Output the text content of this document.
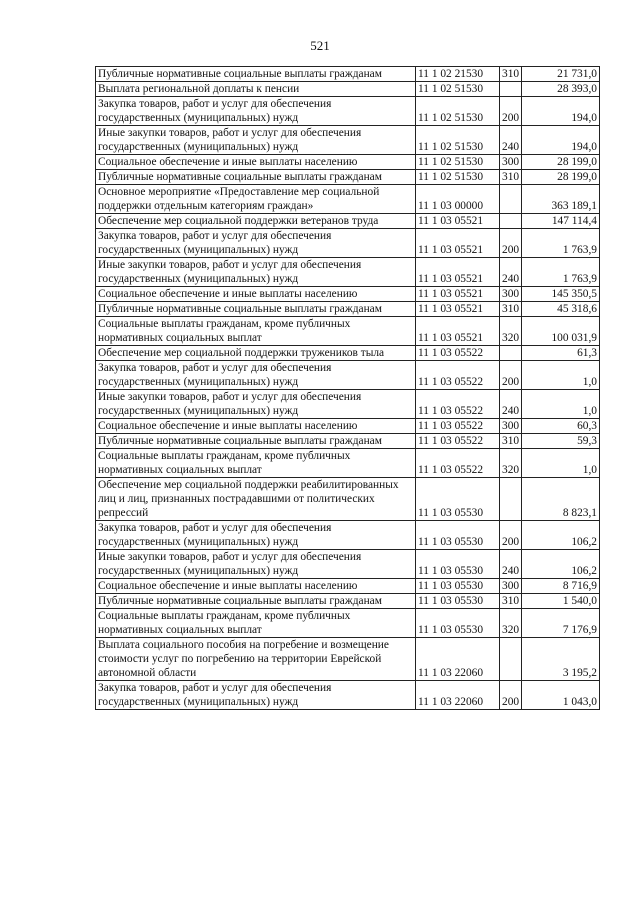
521
Публичные нормативные социальные выплаты гражданам	11 1 02 21530	310	21 731,0
Выплата региональной доплаты к пенсии	11 1 02 51530		28 393,0
Закупка товаров, работ и услуг для обеспечения государственных (муниципальных) нужд	11 1 02 51530	200	194,0
Иные закупки товаров, работ и услуг для обеспечения государственных (муниципальных) нужд	11 1 02 51530	240	194,0
Социальное обеспечение и иные выплаты населению	11 1 02 51530	300	28 199,0
Публичные нормативные социальные выплаты гражданам	11 1 02 51530	310	28 199,0
Основное мероприятие «Предоставление мер социальной поддержки отдельным категориям граждан»	11 1 03 00000		363 189,1
Обеспечение мер социальной поддержки ветеранов труда	11 1 03 05521		147 114,4
Закупка товаров, работ и услуг для обеспечения государственных (муниципальных) нужд	11 1 03 05521	200	1 763,9
Иные закупки товаров, работ и услуг для обеспечения государственных (муниципальных) нужд	11 1 03 05521	240	1 763,9
Социальное обеспечение и иные выплаты населению	11 1 03 05521	300	145 350,5
Публичные нормативные социальные выплаты гражданам	11 1 03 05521	310	45 318,6
Социальные выплаты гражданам, кроме публичных нормативных социальных выплат	11 1 03 05521	320	100 031,9
Обеспечение мер социальной поддержки тружеников тыла	11 1 03 05522		61,3
Закупка товаров, работ и услуг для обеспечения государственных (муниципальных) нужд	11 1 03 05522	200	1,0
Иные закупки товаров, работ и услуг для обеспечения государственных (муниципальных) нужд	11 1 03 05522	240	1,0
Социальное обеспечение и иные выплаты населению	11 1 03 05522	300	60,3
Публичные нормативные социальные выплаты гражданам	11 1 03 05522	310	59,3
Социальные выплаты гражданам, кроме публичных нормативных социальных выплат	11 1 03 05522	320	1,0
Обеспечение мер социальной поддержки реабилитированных лиц и лиц, признанных пострадавшими от политических репрессий	11 1 03 05530		8 823,1
Закупка товаров, работ и услуг для обеспечения государственных (муниципальных) нужд	11 1 03 05530	200	106,2
Иные закупки товаров, работ и услуг для обеспечения государственных (муниципальных) нужд	11 1 03 05530	240	106,2
Социальное обеспечение и иные выплаты населению	11 1 03 05530	300	8 716,9
Публичные нормативные социальные выплаты гражданам	11 1 03 05530	310	1 540,0
Социальные выплаты гражданам, кроме публичных нормативных социальных выплат	11 1 03 05530	320	7 176,9
Выплата социального пособия на погребение и возмещение стоимости услуг по погребению на территории Еврейской автономной области	11 1 03 22060		3 195,2
Закупка товаров, работ и услуг для обеспечения государственных (муниципальных) нужд	11 1 03 22060	200	1 043,0
